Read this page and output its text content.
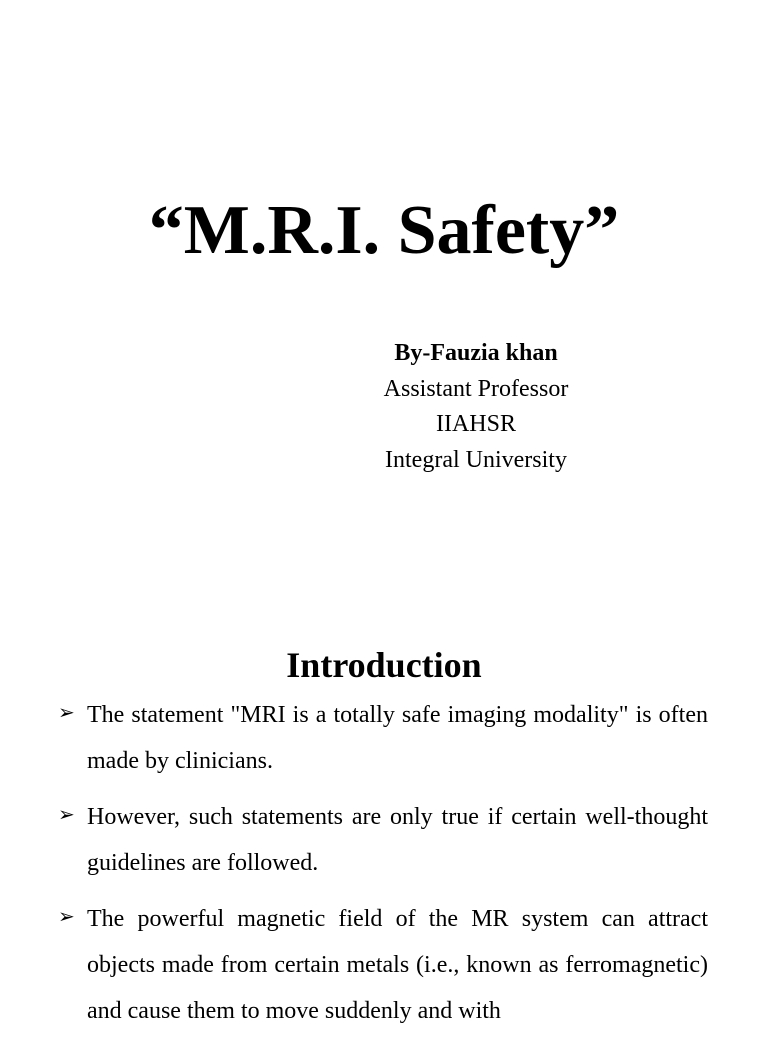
“M.R.I. Safety”
By-Fauzia khan
Assistant Professor
IIAHSR
Integral University
Introduction
➢ The statement "MRI is a totally safe imaging modality" is often made by clinicians.
➢ However, such statements are only true if certain well-thought guidelines are followed.
➢ The powerful magnetic field of the MR system can attract objects made from certain metals (i.e., known as ferromagnetic) and cause them to move suddenly and with
